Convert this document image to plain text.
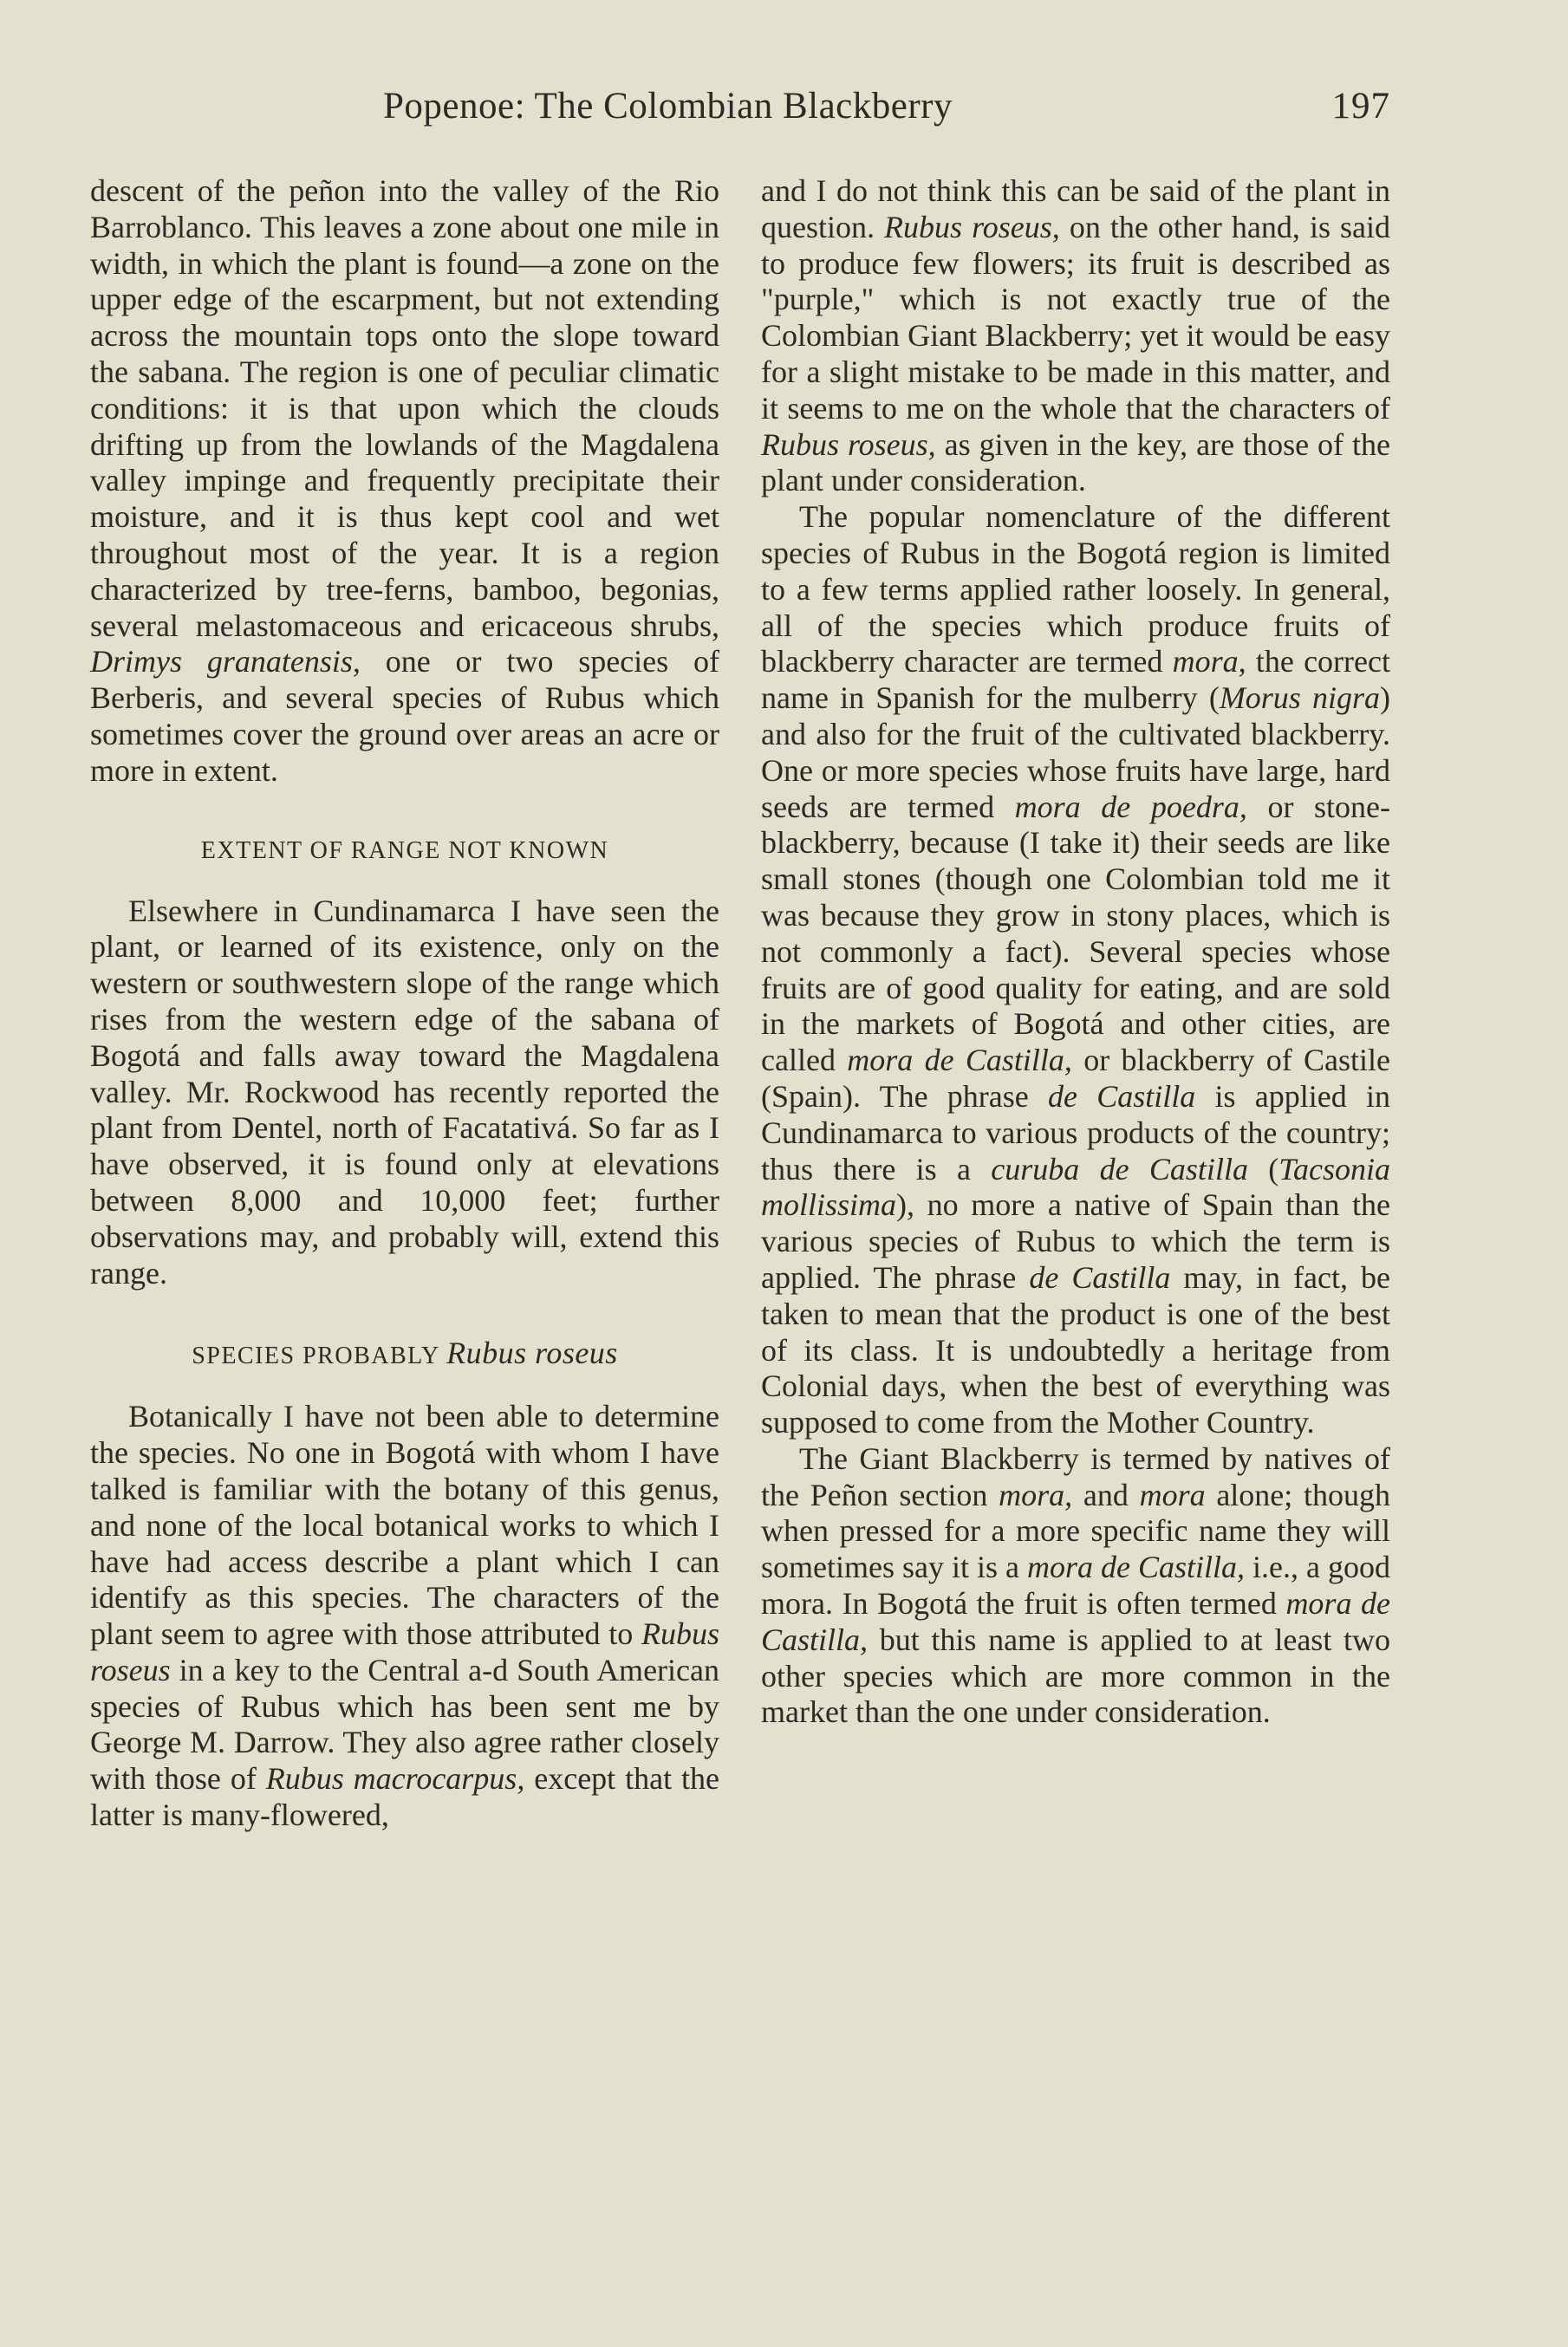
Popenoe: The Colombian Blackberry	197

descent of the peñon into the valley of the Rio Barroblanco. This leaves a zone about one mile in width, in which the plant is found—a zone on the upper edge of the escarpment, but not extending across the mountain tops onto the slope toward the sabana. The region is one of peculiar climatic conditions: it is that upon which the clouds drifting up from the lowlands of the Magdalena valley impinge and frequently precipitate their moisture, and it is thus kept cool and wet throughout most of the year. It is a region characterized by tree-ferns, bamboo, begonias, several melastomaceous and ericaceous shrubs, Drimys granatensis, one or two species of Berberis, and several species of Rubus which sometimes cover the ground over areas an acre or more in extent.

EXTENT OF RANGE NOT KNOWN

Elsewhere in Cundinamarca I have seen the plant, or learned of its existence, only on the western or southwestern slope of the range which rises from the western edge of the sabana of Bogotá and falls away toward the Magdalena valley. Mr. Rockwood has recently reported the plant from Dentel, north of Facatativá. So far as I have observed, it is found only at elevations between 8,000 and 10,000 feet; further observations may, and probably will, extend this range.

SPECIES PROBABLY Rubus roseus

Botanically I have not been able to determine the species. No one in Bogotá with whom I have talked is familiar with the botany of this genus, and none of the local botanical works to which I have had access describe a plant which I can identify as this species. The characters of the plant seem to agree with those attributed to Rubus roseus in a key to the Central a-d South American species of Rubus which has been sent me by George M. Darrow. They also agree rather closely with those of Rubus macrocarpus, except that the latter is many-flowered,

and I do not think this can be said of the plant in question. Rubus roseus, on the other hand, is said to produce few flowers; its fruit is described as "purple," which is not exactly true of the Colombian Giant Blackberry; yet it would be easy for a slight mistake to be made in this matter, and it seems to me on the whole that the characters of Rubus roseus, as given in the key, are those of the plant under consideration.

The popular nomenclature of the different species of Rubus in the Bogotá region is limited to a few terms applied rather loosely. In general, all of the species which produce fruits of blackberry character are termed mora, the correct name in Spanish for the mulberry (Morus nigra) and also for the fruit of the cultivated blackberry. One or more species whose fruits have large, hard seeds are termed mora de poedra, or stone-blackberry, because (I take it) their seeds are like small stones (though one Colombian told me it was because they grow in stony places, which is not commonly a fact). Several species whose fruits are of good quality for eating, and are sold in the markets of Bogotá and other cities, are called mora de Castilla, or blackberry of Castile (Spain). The phrase de Castilla is applied in Cundinamarca to various products of the country; thus there is a curuba de Castilla (Tacsonia mollissima), no more a native of Spain than the various species of Rubus to which the term is applied. The phrase de Castilla may, in fact, be taken to mean that the product is one of the best of its class. It is undoubtedly a heritage from Colonial days, when the best of everything was supposed to come from the Mother Country.

The Giant Blackberry is termed by natives of the Peñon section mora, and mora alone; though when pressed for a more specific name they will sometimes say it is a mora de Castilla, i.e., a good mora. In Bogotá the fruit is often termed mora de Castilla, but this name is applied to at least two other species which are more common in the market than the one under consideration.
